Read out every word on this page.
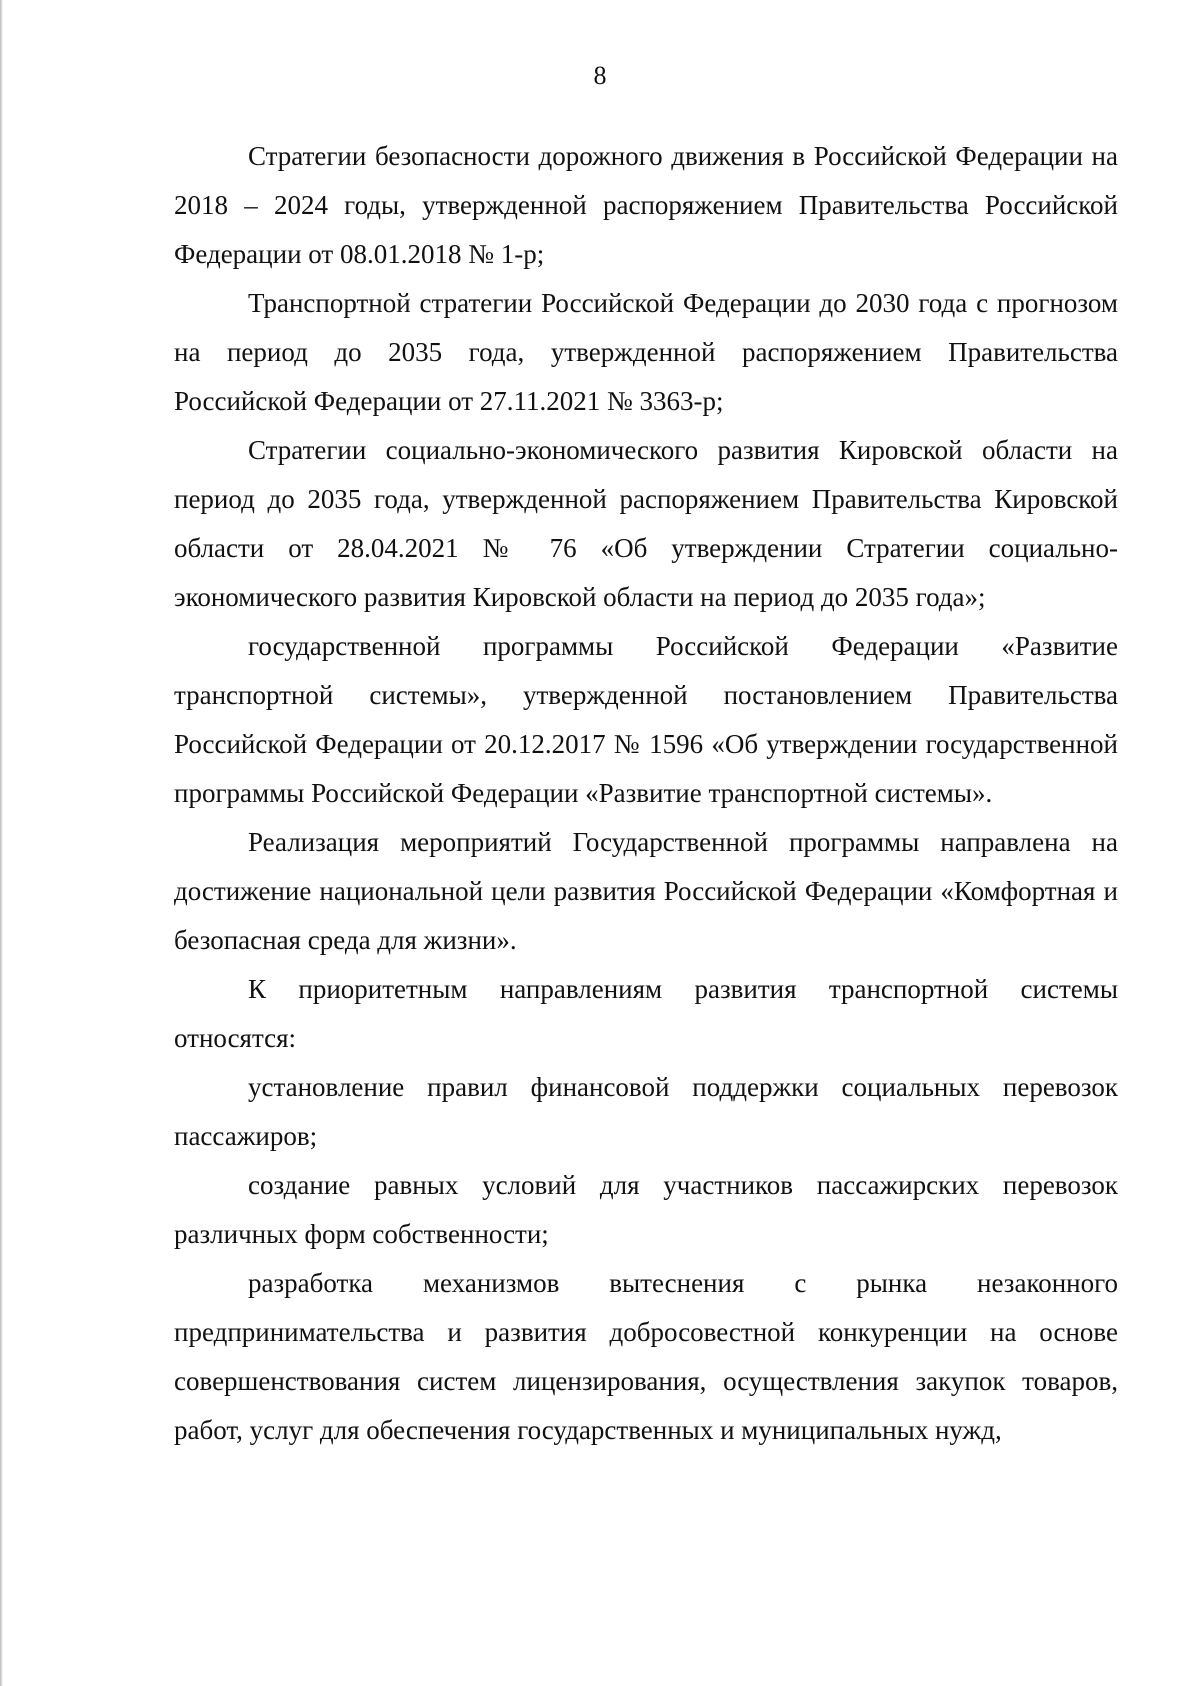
8

Стратегии безопасности дорожного движения в Российской Федерации на 2018 – 2024 годы, утвержденной распоряжением Правительства Российской Федерации от 08.01.2018 № 1-р;

Транспортной стратегии Российской Федерации до 2030 года с прогнозом на период до 2035 года, утвержденной распоряжением Правительства Российской Федерации от 27.11.2021 № 3363-р;

Стратегии социально-экономического развития Кировской области на период до 2035 года, утвержденной распоряжением Правительства Кировской области от 28.04.2021 № 76 «Об утверждении Стратегии социально-экономического развития Кировской области на период до 2035 года»;

государственной программы Российской Федерации «Развитие транспортной системы», утвержденной постановлением Правительства Российской Федерации от 20.12.2017 № 1596 «Об утверждении государственной программы Российской Федерации «Развитие транспортной системы».

Реализация мероприятий Государственной программы направлена на достижение национальной цели развития Российской Федерации «Комфортная и безопасная среда для жизни».

К приоритетным направлениям развития транспортной системы относятся:

установление правил финансовой поддержки социальных перевозок пассажиров;

создание равных условий для участников пассажирских перевозок различных форм собственности;

разработка механизмов вытеснения с рынка незаконного предпринимательства и развития добросовестной конкуренции на основе совершенствования систем лицензирования, осуществления закупок товаров, работ, услуг для обеспечения государственных и муниципальных нужд,
